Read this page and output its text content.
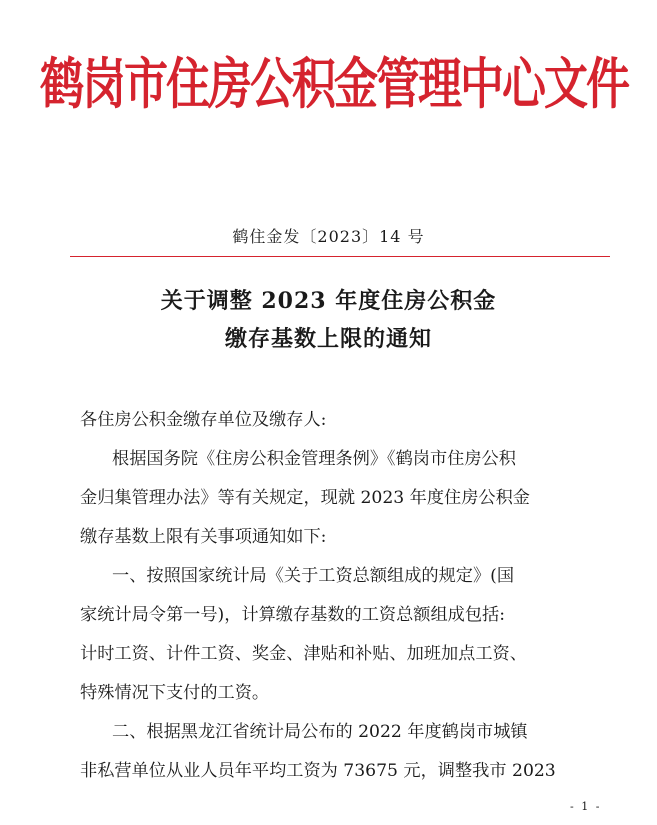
鹤岗市住房公积金管理中心文件
鹤住金发〔2023〕14 号
关于调整 2023 年度住房公积金
缴存基数上限的通知
各住房公积金缴存单位及缴存人:
根据国务院《住房公积金管理条例》《鹤岗市住房公积
金归集管理办法》等有关规定，现就 2023 年度住房公积金
缴存基数上限有关事项通知如下:
一、按照国家统计局《关于工资总额组成的规定》(国
家统计局令第一号)，计算缴存基数的工资总额组成包括:
计时工资、计件工资、奖金、津贴和补贴、加班加点工资、
特殊情况下支付的工资。
二、根据黑龙江省统计局公布的 2022 年度鹤岗市城镇
非私营单位从业人员年平均工资为 73675 元，调整我市 2023
- 1 -
